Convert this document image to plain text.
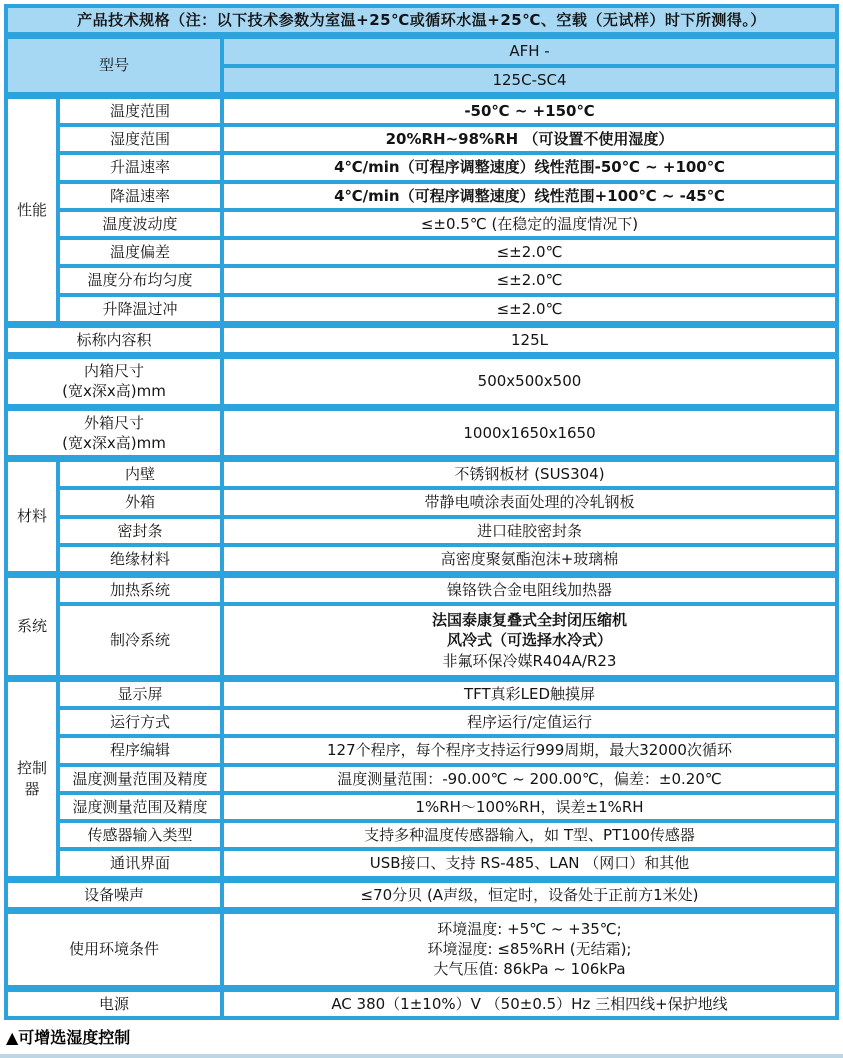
产品技术规格（注：以下技术参数为室温+25℃或循环水温+25℃、空载（无试样）时下所测得。）		
型号		AFH -
		125C-SC4
性能	温度范围	-50℃ ~ +150℃
	湿度范围	20%RH~98%RH （可设置不使用湿度）
	升温速率	4℃/min（可程序调整速度）线性范围-50℃ ~ +100℃
	降温速率	4℃/min（可程序调整速度）线性范围+100℃ ~ -45℃
	温度波动度	≤±0.5℃ (在稳定的温度情况下)
	温度偏差	≤±2.0℃
	温度分布均匀度	≤±2.0℃
	升降温过冲	≤±2.0℃
标称内容积		125L

内箱尺寸
(宽x深x高)mm		500x500x500

外箱尺寸
(宽x深x高)mm		1000x1650x1650
材料	内壁	不锈钢板材 (SUS304)
	外箱	带静电喷涂表面处理的冷轧钢板
	密封条	进口硅胶密封条
	绝缘材料	高密度聚氨酯泡沫+玻璃棉
系统	加热系统	镍铬铁合金电阻线加热器
	制冷系统	法国泰康复叠式全封闭压缩机
风冷式（可选择水冷式）
非氟环保冷媒R404A/R23

控制器	显示屏	TFT真彩LED触摸屏
	运行方式	程序运行/定值运行
	程序编辑	127个程序，每个程序支持运行999周期，最大32000次循环
	温度测量范围及精度	温度测量范围：-90.00℃ ~ 200.00℃，偏差：±0.20℃
	湿度测量范围及精度	1%RH～100%RH，误差±1%RH
	传感器输入类型	支持多种温度传感器输入，如 T型、PT100传感器
	通讯界面	USB接口、支持 RS-485、LAN （网口）和其他
设备噪声		≤70分贝 (A声级，恒定时，设备处于正前方1米处)
使用环境条件		环境温度: +5℃ ~ +35℃;
环境湿度: ≤85%RH (无结霜);
大气压值: 86kPa ~ 106kPa

电源		AC 380（1±10%）V （50±0.5）Hz 三相四线+保护地线
▲可增选湿度控制
